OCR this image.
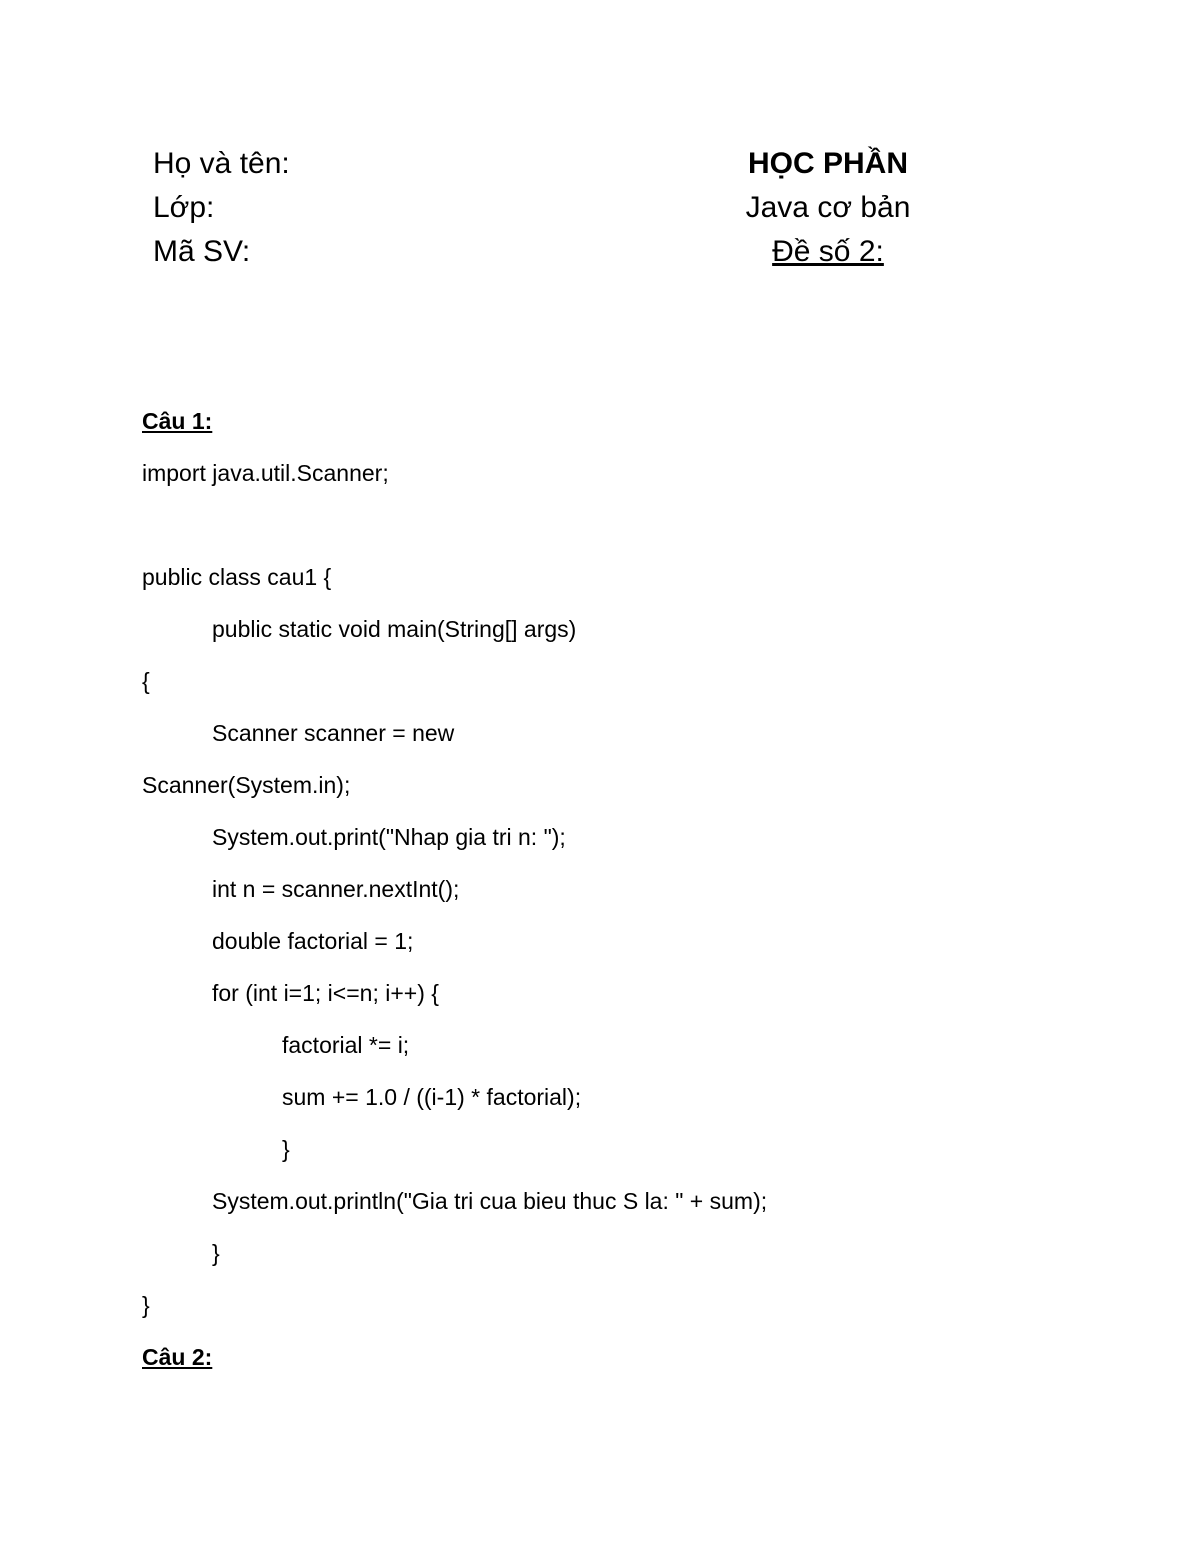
Họ và tên:
Lớp:
Mã SV:
HỌC PHẦN
Java cơ bản
Đề số 2:
Câu 1:
import java.util.Scanner;
public class cau1 {
public static void main(String[] args)
{
Scanner scanner = new
Scanner(System.in);
System.out.print("Nhap gia tri n: ");
int n = scanner.nextInt();
double factorial = 1;
for (int i=1; i<=n; i++) {
factorial *= i;
sum += 1.0 / ((i-1) * factorial);
}
System.out.println("Gia tri cua bieu thuc S la: " + sum);
}
}
Câu 2:
